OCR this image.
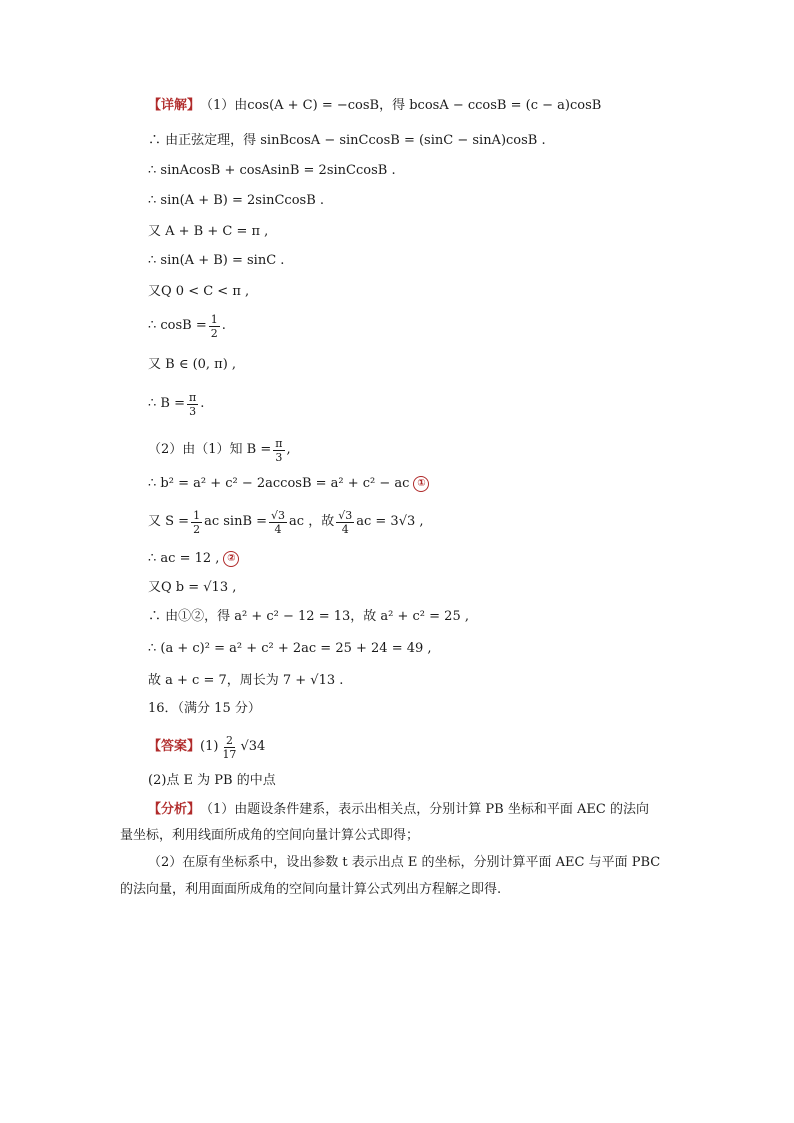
【详解】 （1）由cos(A + C) = −cosB，得 bcosA − ccosB = (c − a)cosB
∴ 由正弦定理，得 sinBcosA − sinCcosB = (sinC − sinA)cosB .
∴ sinAcosB + cosAsinB = 2sinCcosB .
∴ sin(A + B) = 2sinCcosB .
又 A + B + C = π ,
∴ sin(A + B) = sinC .
又Q 0 < C < π ,
∴ $\cos B = \frac{1}{2}$ .
又 B ∈ (0, π) ,
∴ $B = \frac{\pi}{3}$ .
（2）由（1）知 $B = \frac{\pi}{3}$ ,
∴ b² = a² + c² − 2accosB = a² + c² − ac ①
又 $S = \frac{1}{2}$ ac $\sin B = \frac{√3}{4}$ ac ，故 $\frac{√3}{4}$ ac = 3√3 ,
∴ ac = 12 , ②
又Q b = √13 ,
∴ 由①②，得 a² + c² − 12 = 13，故 a² + c² = 25 ,
∴ (a + c)² = a² + c² + 2ac = 25 + 24 = 49 ,
故 a + c = 7，周长为 7 + √13 .
16．（满分 15 分）
【答案】 $(1) \frac{2}{17} √34$
(2)点 E 为 PB 的中点
【分析】 （1）由题设条件建系，表示出相关点，分别计算 PB 坐标和平面 AEC 的法向
量坐标，利用线面所成角的空间向量计算公式即得；
（2）在原有坐标系中，设出参数 t 表示出点 E 的坐标，分别计算平面 AEC 与平面 PBC
的法向量，利用面面所成角的空间向量计算公式列出方程解之即得.
